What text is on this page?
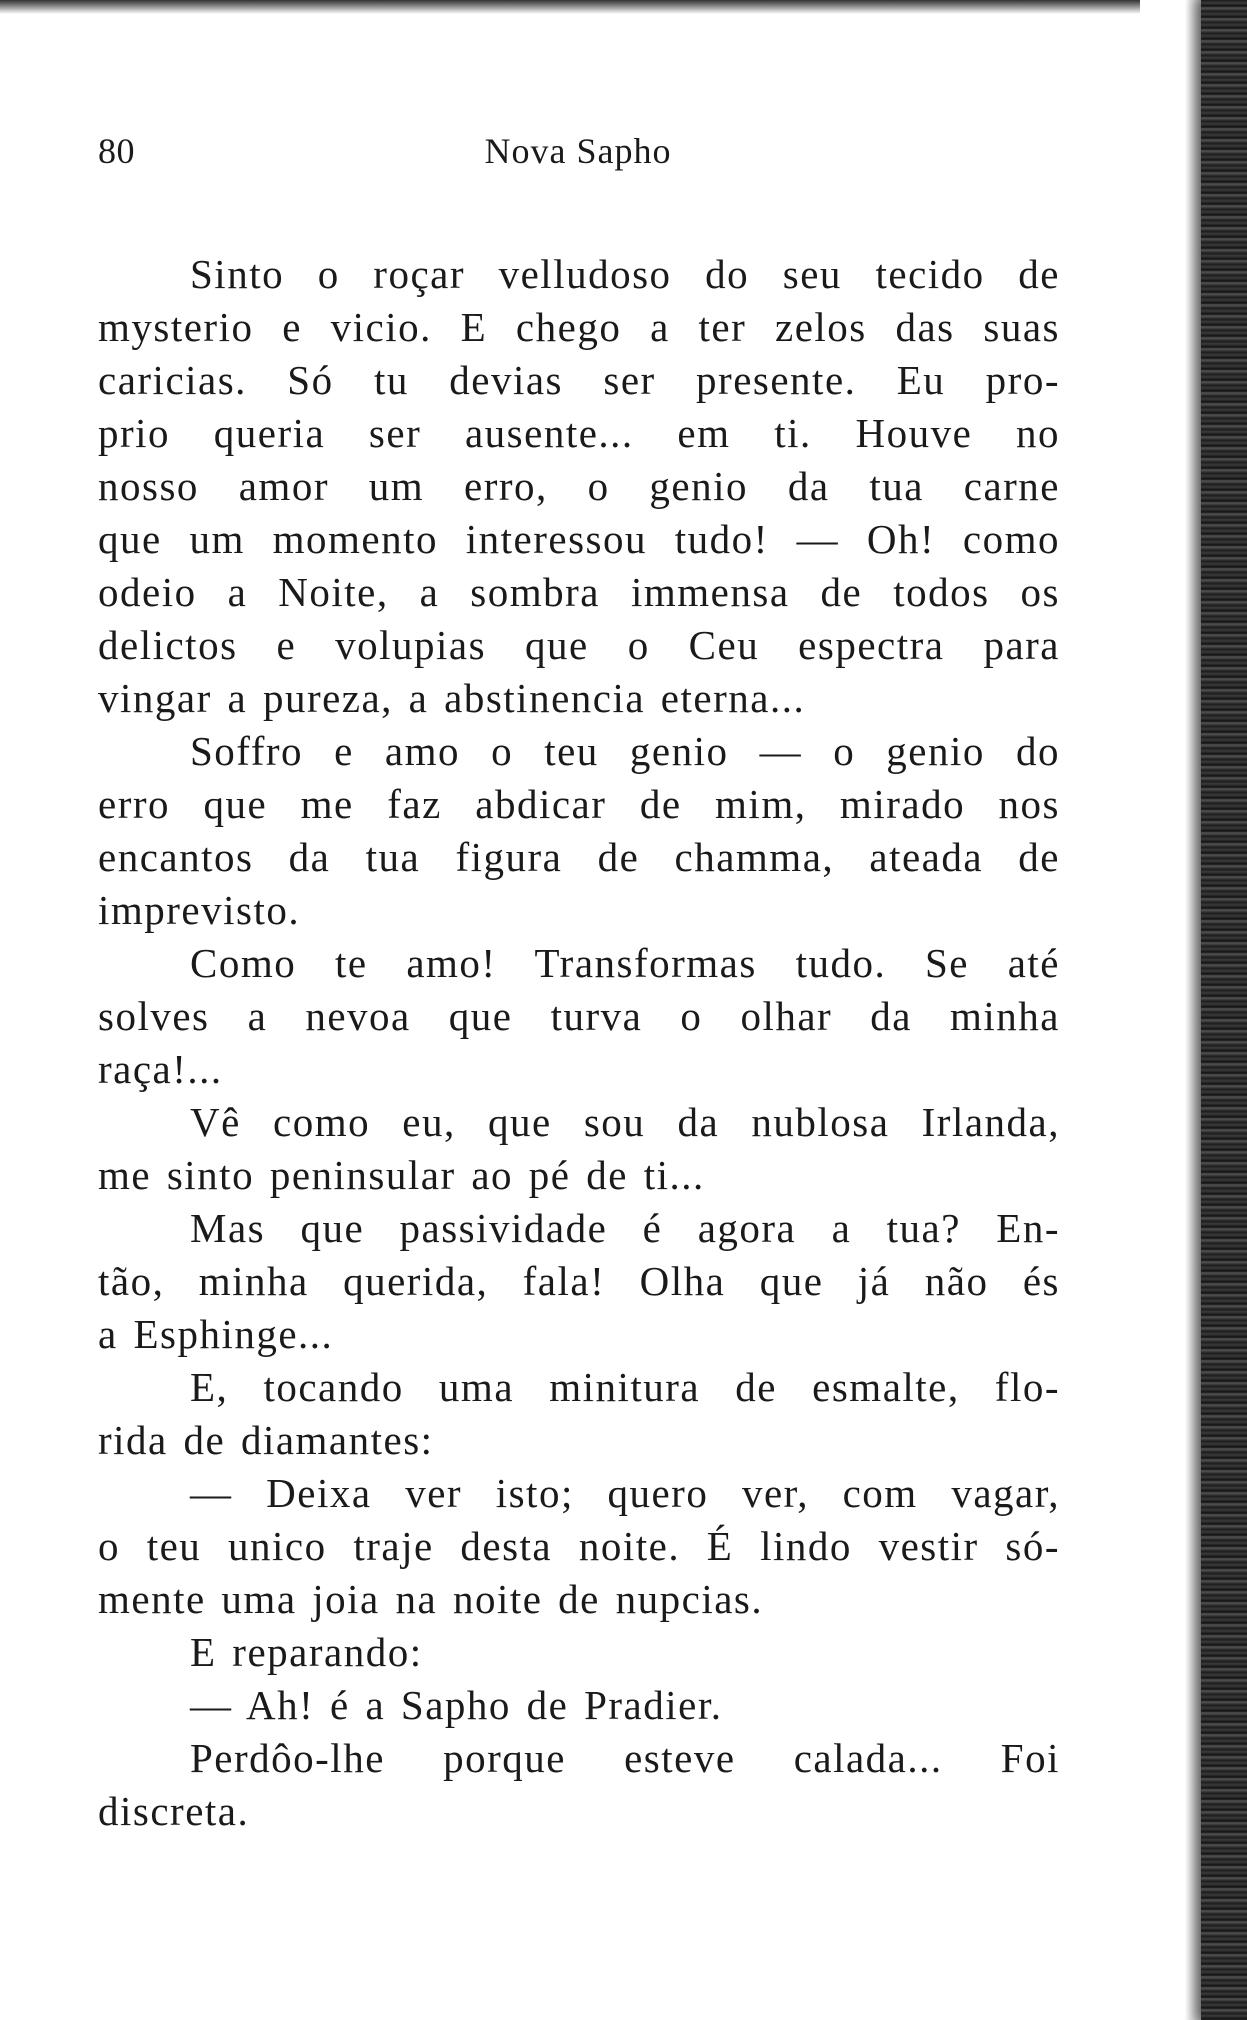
80	Nova Sapho
Sinto o roçar velludoso do seu tecido de
mysterio e vicio. E chego a ter zelos das suas
caricias. Só tu devias ser presente. Eu pro-
prio queria ser ausente... em ti. Houve no
nosso amor um erro, o genio da tua carne
que um momento interessou tudo! — Oh! como
odeio a Noite, a sombra immensa de todos os
delictos e volupias que o Ceu espectra para
vingar a pureza, a abstinencia eterna...
Soffro e amo o teu genio — o genio do
erro que me faz abdicar de mim, mirado nos
encantos da tua figura de chamma, ateada de
imprevisto.
Como te amo! Transformas tudo. Se até
solves a nevoa que turva o olhar da minha
raça!...
Vê como eu, que sou da nublosa Irlanda,
me sinto peninsular ao pé de ti...
Mas que passividade é agora a tua? En-
tão, minha querida, fala! Olha que já não és
a Esphinge...
E, tocando uma minitura de esmalte, flo-
rida de diamantes:
— Deixa ver isto; quero ver, com vagar,
o teu unico traje desta noite. É lindo vestir só-
mente uma joia na noite de nupcias.
E reparando:
— Ah! é a Sapho de Pradier.
Perdôo-lhe porque esteve calada... Foi
discreta.
